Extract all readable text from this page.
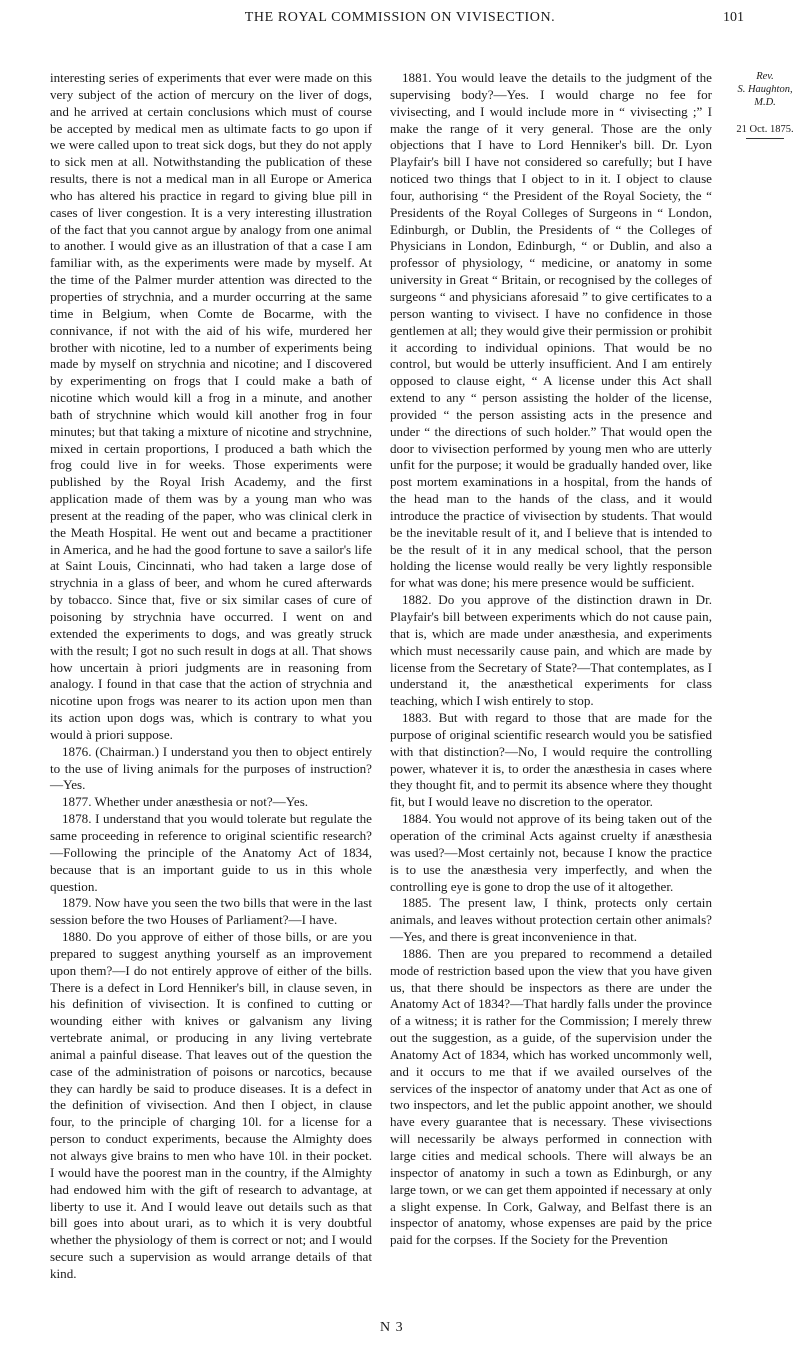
THE ROYAL COMMISSION ON VIVISECTION.	101

interesting series of experiments that ever were made on this very subject of the action of mercury on the liver of dogs, and he arrived at certain conclusions which must of course be accepted by medical men as ultimate facts to go upon if we were called upon to treat sick dogs, but they do not apply to sick men at all. Notwithstanding the publication of these results, there is not a medical man in all Europe or America who has altered his practice in regard to giving blue pill in cases of liver congestion. It is a very interesting illustration of the fact that you cannot argue by analogy from one animal to another. I would give as an illustration of that a case I am familiar with, as the experiments were made by myself. At the time of the Palmer murder attention was directed to the properties of strychnia, and a murder occurring at the same time in Belgium, when Comte de Bocarme, with the connivance, if not with the aid of his wife, murdered her brother with nicotine, led to a number of experiments being made by myself on strychnia and nicotine; and I discovered by experimenting on frogs that I could make a bath of nicotine which would kill a frog in a minute, and another bath of strychnine which would kill another frog in four minutes; but that taking a mixture of nicotine and strychnine, mixed in certain proportions, I produced a bath which the frog could live in for weeks. Those experiments were published by the Royal Irish Academy, and the first application made of them was by a young man who was present at the reading of the paper, who was clinical clerk in the Meath Hospital. He went out and became a practitioner in America, and he had the good fortune to save a sailor's life at Saint Louis, Cincinnati, who had taken a large dose of strychnia in a glass of beer, and whom he cured afterwards by tobacco. Since that, five or six similar cases of cure of poisoning by strychnia have occurred. I went on and extended the experiments to dogs, and was greatly struck with the result; I got no such result in dogs at all. That shows how uncertain à priori judgments are in reasoning from analogy. I found in that case that the action of strychnia and nicotine upon frogs was nearer to its action upon men than its action upon dogs was, which is contrary to what you would à priori suppose.

1876. (Chairman.) I understand you then to object entirely to the use of living animals for the purposes of instruction?—Yes.

1877. Whether under anæsthesia or not?—Yes.

1878. I understand that you would tolerate but regulate the same proceeding in reference to original scientific research?—Following the principle of the Anatomy Act of 1834, because that is an important guide to us in this whole question.

1879. Now have you seen the two bills that were in the last session before the two Houses of Parliament?—I have.

1880. Do you approve of either of those bills, or are you prepared to suggest anything yourself as an improvement upon them?—I do not entirely approve of either of the bills. There is a defect in Lord Henniker's bill, in clause seven, in his definition of vivisection. It is confined to cutting or wounding either with knives or galvanism any living vertebrate animal, or producing in any living vertebrate animal a painful disease. That leaves out of the question the case of the administration of poisons or narcotics, because they can hardly be said to produce diseases. It is a defect in the definition of vivisection. And then I object, in clause four, to the principle of charging 10l. for a license for a person to conduct experiments, because the Almighty does not always give brains to men who have 10l. in their pocket. I would have the poorest man in the country, if the Almighty had endowed him with the gift of research to advantage, at liberty to use it. And I would leave out details such as that bill goes into about urari, as to which it is very doubtful whether the physiology of them is correct or not; and I would secure such a supervision as would arrange details of that kind.

1881. You would leave the details to the judgment of the supervising body?—Yes. I would charge no fee for vivisecting, and I would include more in “ vivisecting ;” I make the range of it very general. Those are the only objections that I have to Lord Henniker's bill. Dr. Lyon Playfair's bill I have not considered so carefully; but I have noticed two things that I object to in it. I object to clause four, authorising “ the President of the Royal Society, the “ Presidents of the Royal Colleges of Surgeons in “ London, Edinburgh, or Dublin, the Presidents of “ the Colleges of Physicians in London, Edinburgh, “ or Dublin, and also a professor of physiology, “ medicine, or anatomy in some university in Great “ Britain, or recognised by the colleges of surgeons “ and physicians aforesaid ” to give certificates to a person wanting to vivisect. I have no confidence in those gentlemen at all; they would give their permission or prohibit it according to individual opinions. That would be no control, but would be utterly insufficient. And I am entirely opposed to clause eight, “ A license under this Act shall extend to any “ person assisting the holder of the license, provided “ the person assisting acts in the presence and under “ the directions of such holder.” That would open the door to vivisection performed by young men who are utterly unfit for the purpose; it would be gradually handed over, like post mortem examinations in a hospital, from the hands of the head man to the hands of the class, and it would introduce the practice of vivisection by students. That would be the inevitable result of it, and I believe that is intended to be the result of it in any medical school, that the person holding the license would really be very lightly responsible for what was done; his mere presence would be sufficient.

1882. Do you approve of the distinction drawn in Dr. Playfair's bill between experiments which do not cause pain, that is, which are made under anæsthesia, and experiments which must necessarily cause pain, and which are made by license from the Secretary of State?—That contemplates, as I understand it, the anæsthetical experiments for class teaching, which I wish entirely to stop.

1883. But with regard to those that are made for the purpose of original scientific research would you be satisfied with that distinction?—No, I would require the controlling power, whatever it is, to order the anæsthesia in cases where they thought fit, and to permit its absence where they thought fit, but I would leave no discretion to the operator.

1884. You would not approve of its being taken out of the operation of the criminal Acts against cruelty if anæsthesia was used?—Most certainly not, because I know the practice is to use the anæsthesia very imperfectly, and when the controlling eye is gone to drop the use of it altogether.

1885. The present law, I think, protects only certain animals, and leaves without protection certain other animals?—Yes, and there is great inconvenience in that.

1886. Then are you prepared to recommend a detailed mode of restriction based upon the view that you have given us, that there should be inspectors as there are under the Anatomy Act of 1834?—That hardly falls under the province of a witness; it is rather for the Commission; I merely threw out the suggestion, as a guide, of the supervision under the Anatomy Act of 1834, which has worked uncommonly well, and it occurs to me that if we availed ourselves of the services of the inspector of anatomy under that Act as one of two inspectors, and let the public appoint another, we should have every guarantee that is necessary. These vivisections will necessarily be always performed in connection with large cities and medical schools. There will always be an inspector of anatomy in such a town as Edinburgh, or any large town, or we can get them appointed if necessary at only a slight expense. In Cork, Galway, and Belfast there is an inspector of anatomy, whose expenses are paid by the price paid for the corpses. If the Society for the Prevention

Rev.
S. Haughton,
M.D.
21 Oct. 1875.
N 3
